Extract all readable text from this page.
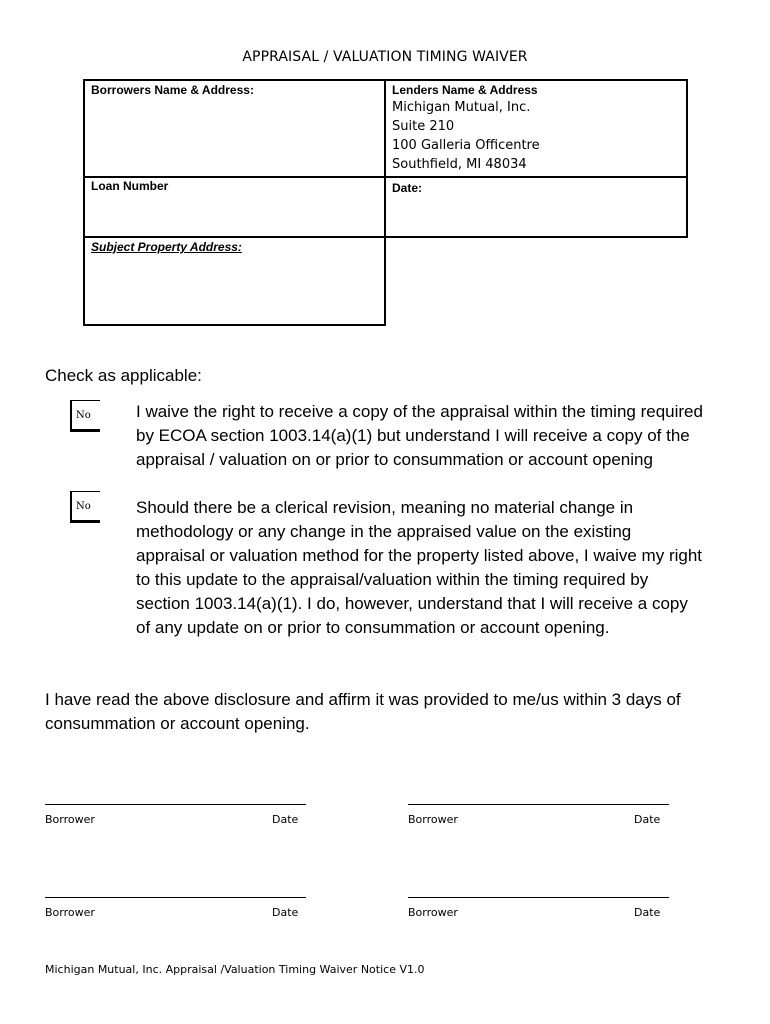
APPRAISAL / VALUATION TIMING WAIVER
Borrowers Name & Address:	Lenders Name & Address
Michigan Mutual, Inc.
Suite 210
100 Galleria Officentre
Southfield, MI 48034
Loan Number	Date:
Subject Property Address:
Check as applicable:
No	I waive the right to receive a copy of the appraisal within the timing required
by ECOA section 1003.14(a)(1) but understand I will receive a copy of the
appraisal / valuation on or prior to consummation or account opening
No	Should there be a clerical revision, meaning no material change in
methodology or any change in the appraised value on the existing
appraisal or valuation method for the property listed above, I waive my right
to this update to the appraisal/valuation within the timing required by
section 1003.14(a)(1). I do, however, understand that I will receive a copy
of any update on or prior to consummation or account opening.
I have read the above disclosure and affirm it was provided to me/us within 3 days of
consummation or account opening.
Borrower	Date	Borrower	Date
Borrower	Date	Borrower	Date
Michigan Mutual, Inc. Appraisal /Valuation Timing Waiver Notice V1.0
